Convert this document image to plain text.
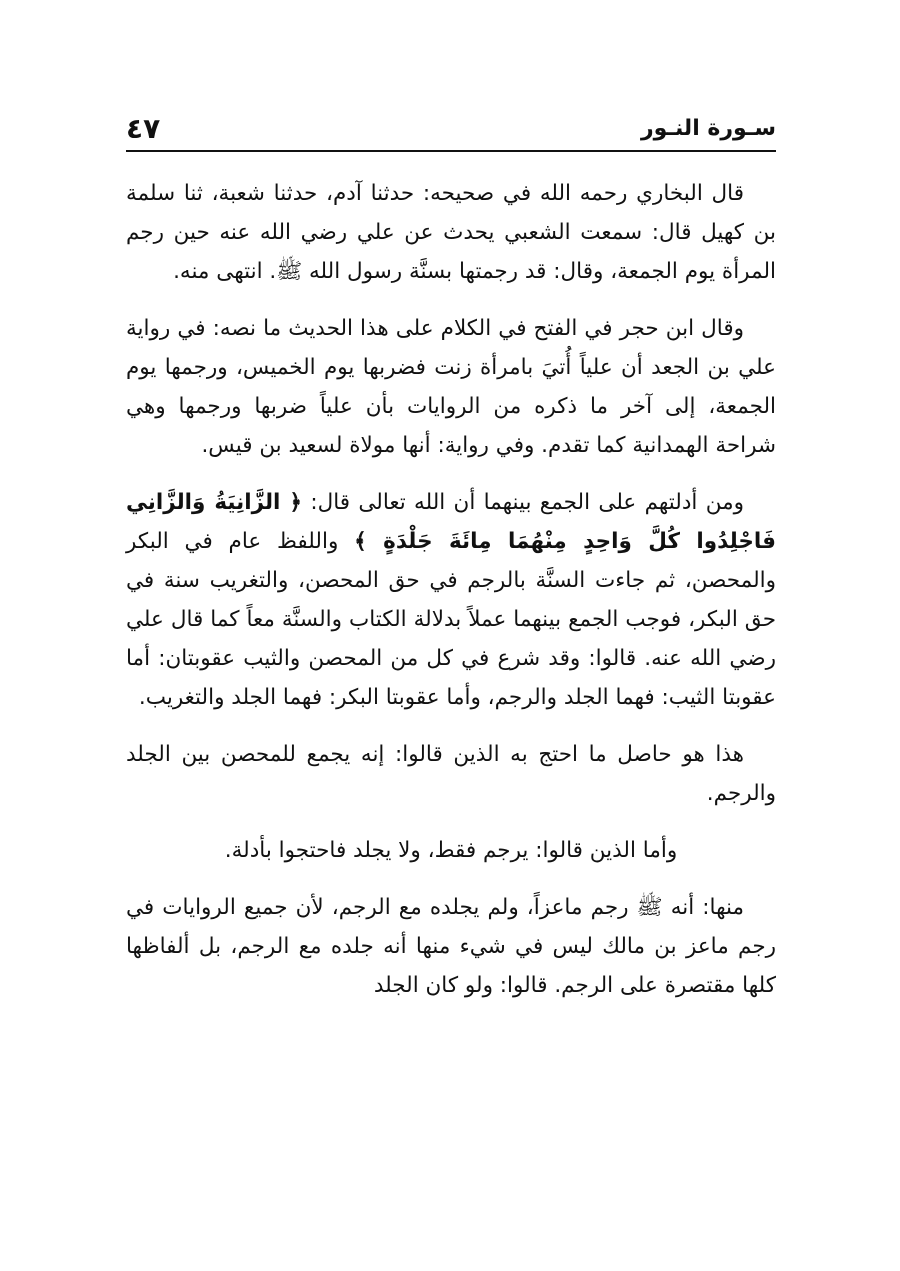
سـورة النـور
٤٧

قال البخاري رحمه الله في صحيحه: حدثنا آدم، حدثنا شعبة، ثنا سلمة بن كهيل قال: سمعت الشعبي يحدث عن علي رضي الله عنه حين رجم المرأة يوم الجمعة، وقال: قد رجمتها بسنَّة رسول الله ﷺ. انتهى منه.

وقال ابن حجر في الفتح في الكلام على هذا الحديث ما نصه: في رواية علي بن الجعد أن علياً أُتيَ بامرأة زنت فضربها يوم الخميس، ورجمها يوم الجمعة، إلى آخر ما ذكره من الروايات بأن علياً ضربها ورجمها وهي شراحة الهمدانية كما تقدم. وفي رواية: أنها مولاة لسعيد بن قيس.

ومن أدلتهم على الجمع بينهما أن الله تعالى قال: ﴿ الزَّانِيَةُ وَالزَّانِي فَاجْلِدُوا كُلَّ وَاحِدٍ مِنْهُمَا مِائَةَ جَلْدَةٍ ﴾ واللفظ عام في البكر والمحصن، ثم جاءت السنَّة بالرجم في حق المحصن، والتغريب سنة في حق البكر، فوجب الجمع بينهما عملاً بدلالة الكتاب والسنَّة معاً كما قال علي رضي الله عنه. قالوا: وقد شرع في كل من المحصن والثيب عقوبتان: أما عقوبتا الثيب: فهما الجلد والرجم، وأما عقوبتا البكر: فهما الجلد والتغريب.

هذا هو حاصل ما احتج به الذين قالوا: إنه يجمع للمحصن بين الجلد والرجم.

وأما الذين قالوا: يرجم فقط، ولا يجلد فاحتجوا بأدلة.

منها: أنه ﷺ رجم ماعزاً، ولم يجلده مع الرجم، لأن جميع الروايات في رجم ماعز بن مالك ليس في شيء منها أنه جلده مع الرجم، بل ألفاظها كلها مقتصرة على الرجم. قالوا: ولو كان الجلد
